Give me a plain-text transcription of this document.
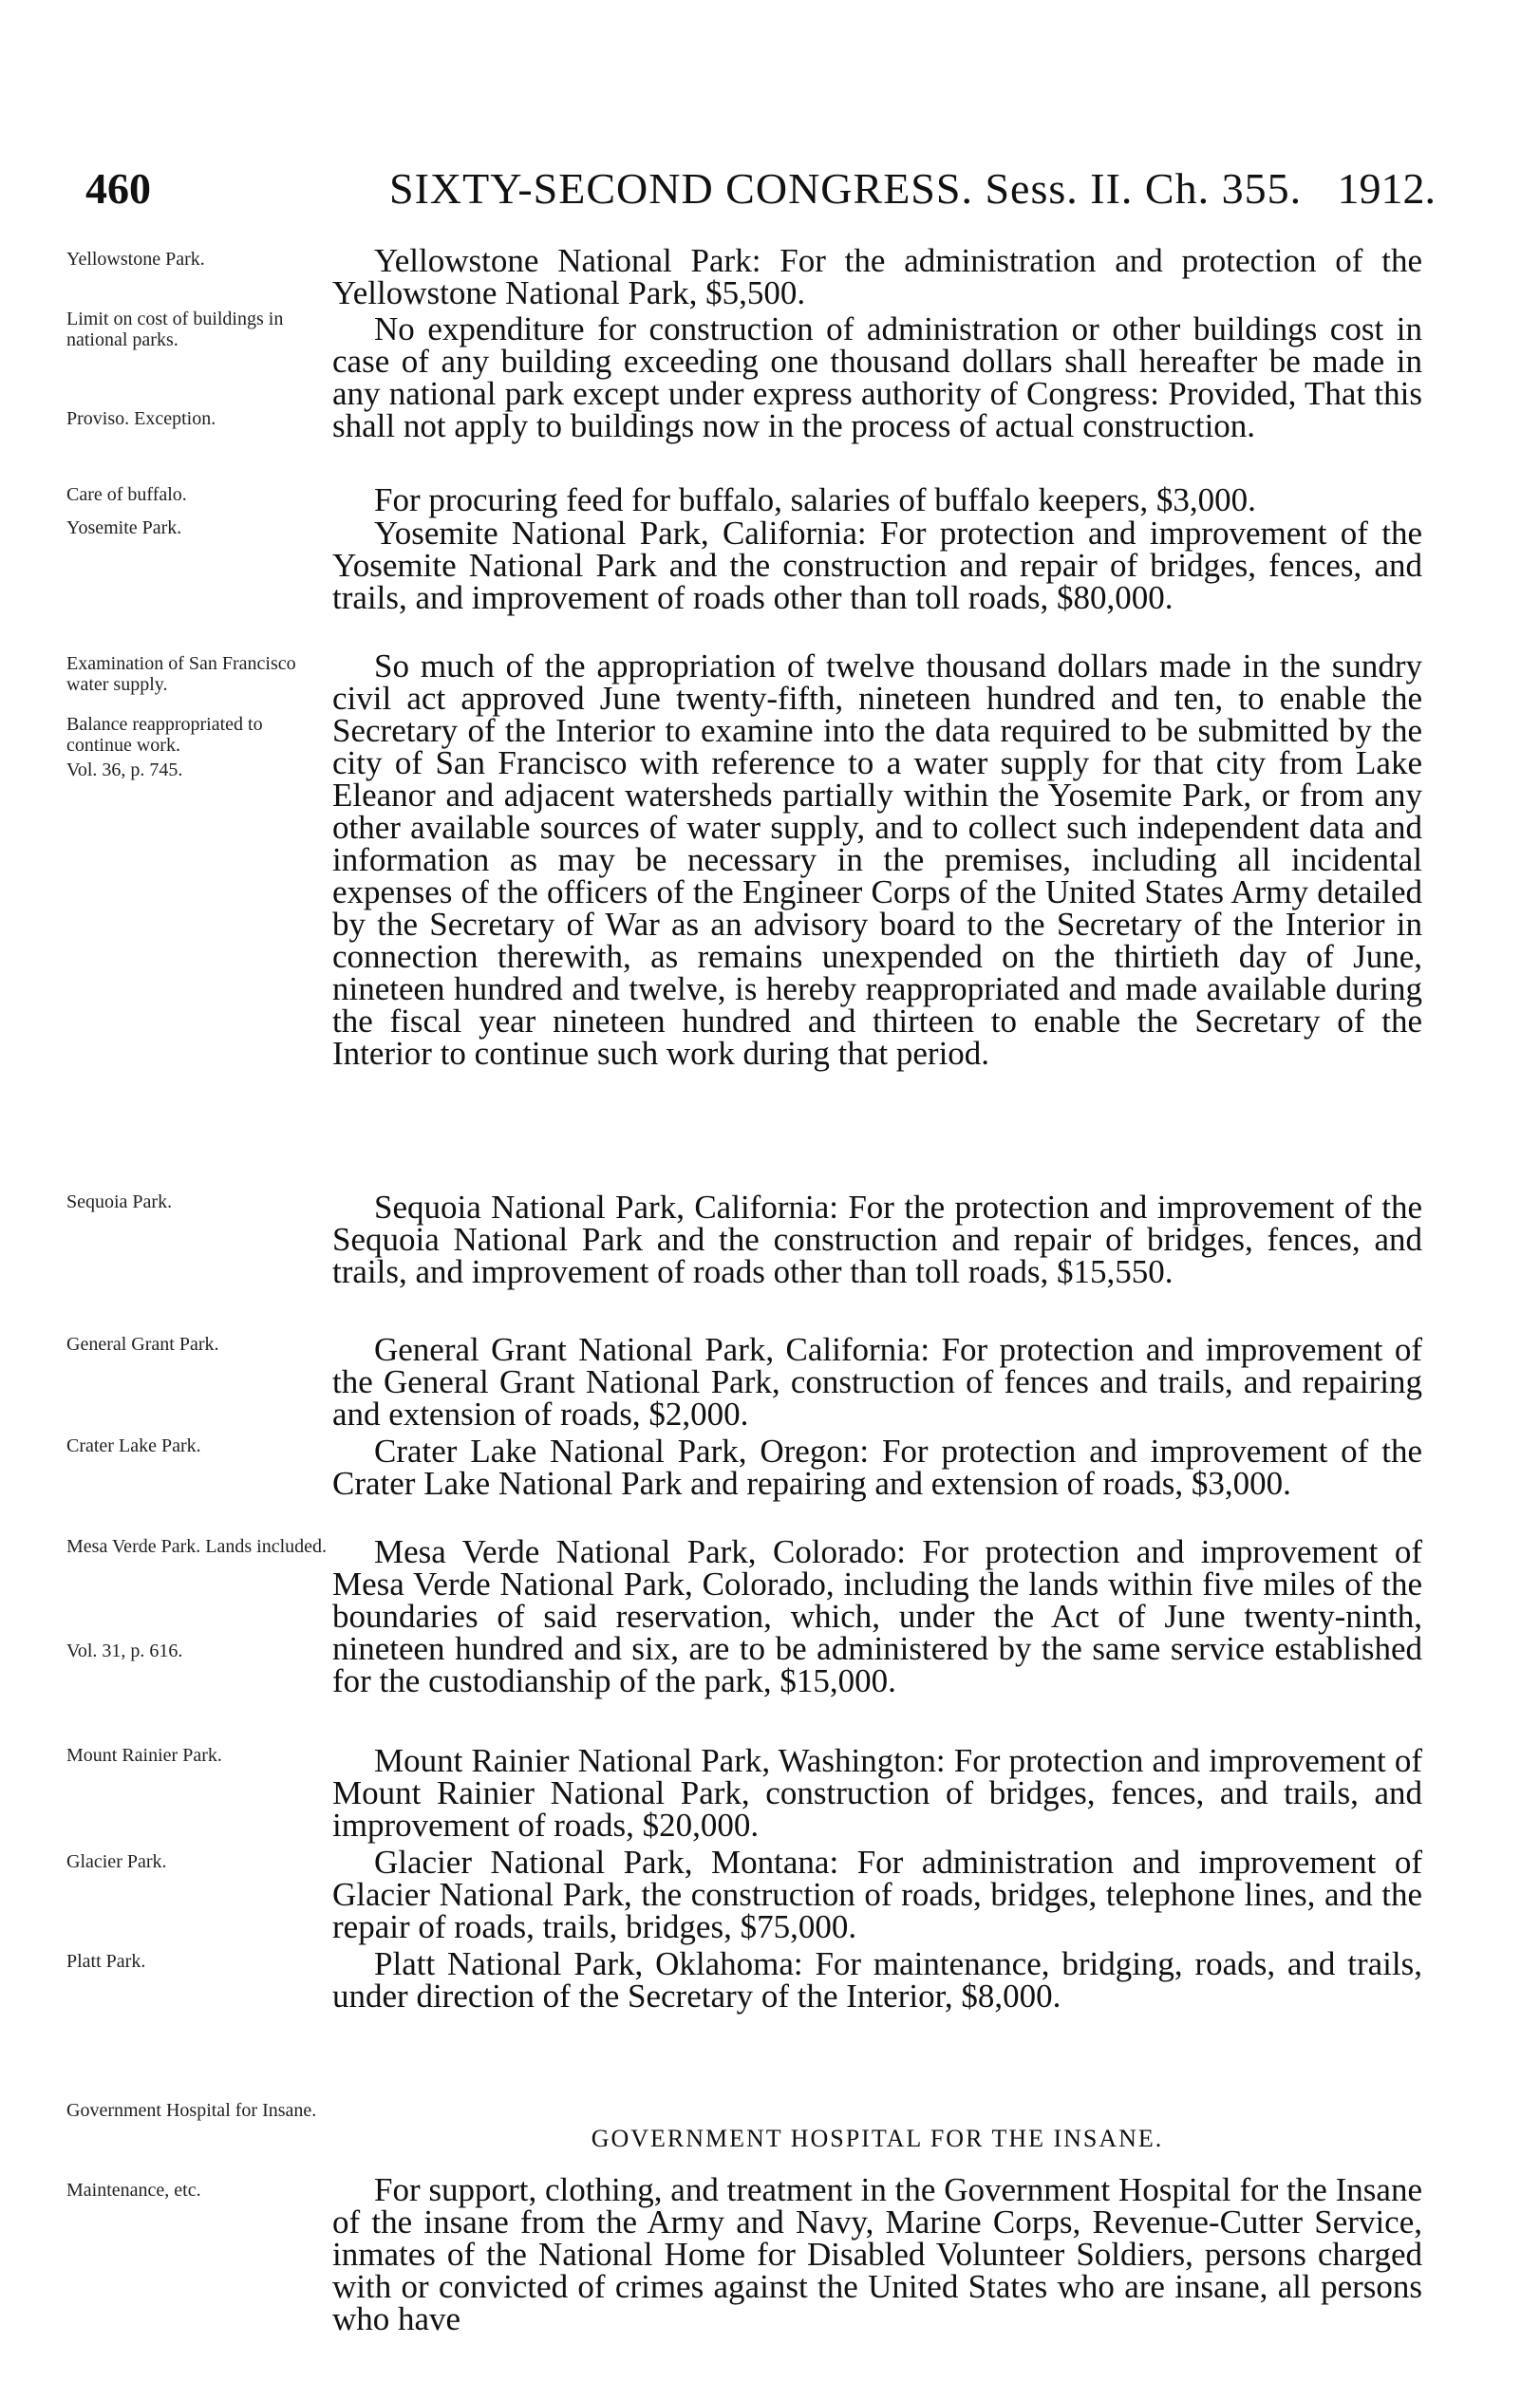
460	SIXTY-SECOND CONGRESS. Sess. II. Ch. 355. 1912.
Yellowstone Park.
Limit on cost of buildings in national parks.
Proviso. Exception.
Care of buffalo.
Yosemite Park.
Examination of San Francisco water supply.
Balance reappropriated to continue work.
Vol. 36, p. 745.
Sequoia Park.
General Grant Park.
Crater Lake Park.
Mesa Verde Park. Lands included.
Vol. 31, p. 616.
Mount Rainier Park.
Glacier Park.
Platt Park.
Government Hospital for Insane.
Maintenance, etc.

Yellowstone National Park: For the administration and protection of the Yellowstone National Park, $5,500.

No expenditure for construction of administration or other buildings cost in case of any building exceeding one thousand dollars shall hereafter be made in any national park except under express authority of Congress: Provided, That this shall not apply to buildings now in the process of actual construction.

For procuring feed for buffalo, salaries of buffalo keepers, $3,000.

Yosemite National Park, California: For protection and improvement of the Yosemite National Park and the construction and repair of bridges, fences, and trails, and improvement of roads other than toll roads, $80,000.

So much of the appropriation of twelve thousand dollars made in the sundry civil act approved June twenty-fifth, nineteen hundred and ten, to enable the Secretary of the Interior to examine into the data required to be submitted by the city of San Francisco with reference to a water supply for that city from Lake Eleanor and adjacent watersheds partially within the Yosemite Park, or from any other available sources of water supply, and to collect such independent data and information as may be necessary in the premises, including all incidental expenses of the officers of the Engineer Corps of the United States Army detailed by the Secretary of War as an advisory board to the Secretary of the Interior in connection therewith, as remains unexpended on the thirtieth day of June, nineteen hundred and twelve, is hereby reappropriated and made available during the fiscal year nineteen hundred and thirteen to enable the Secretary of the Interior to continue such work during that period.

Sequoia National Park, California: For the protection and improvement of the Sequoia National Park and the construction and repair of bridges, fences, and trails, and improvement of roads other than toll roads, $15,550.

General Grant National Park, California: For protection and improvement of the General Grant National Park, construction of fences and trails, and repairing and extension of roads, $2,000.

Crater Lake National Park, Oregon: For protection and improvement of the Crater Lake National Park and repairing and extension of roads, $3,000.

Mesa Verde National Park, Colorado: For protection and improvement of Mesa Verde National Park, Colorado, including the lands within five miles of the boundaries of said reservation, which, under the Act of June twenty-ninth, nineteen hundred and six, are to be administered by the same service established for the custodianship of the park, $15,000.

Mount Rainier National Park, Washington: For protection and improvement of Mount Rainier National Park, construction of bridges, fences, and trails, and improvement of roads, $20,000.

Glacier National Park, Montana: For administration and improvement of Glacier National Park, the construction of roads, bridges, telephone lines, and the repair of roads, trails, bridges, $75,000.

Platt National Park, Oklahoma: For maintenance, bridging, roads, and trails, under direction of the Secretary of the Interior, $8,000.

GOVERNMENT HOSPITAL FOR THE INSANE.

For support, clothing, and treatment in the Government Hospital for the Insane of the insane from the Army and Navy, Marine Corps, Revenue-Cutter Service, inmates of the National Home for Disabled Volunteer Soldiers, persons charged with or convicted of crimes against the United States who are insane, all persons who have
